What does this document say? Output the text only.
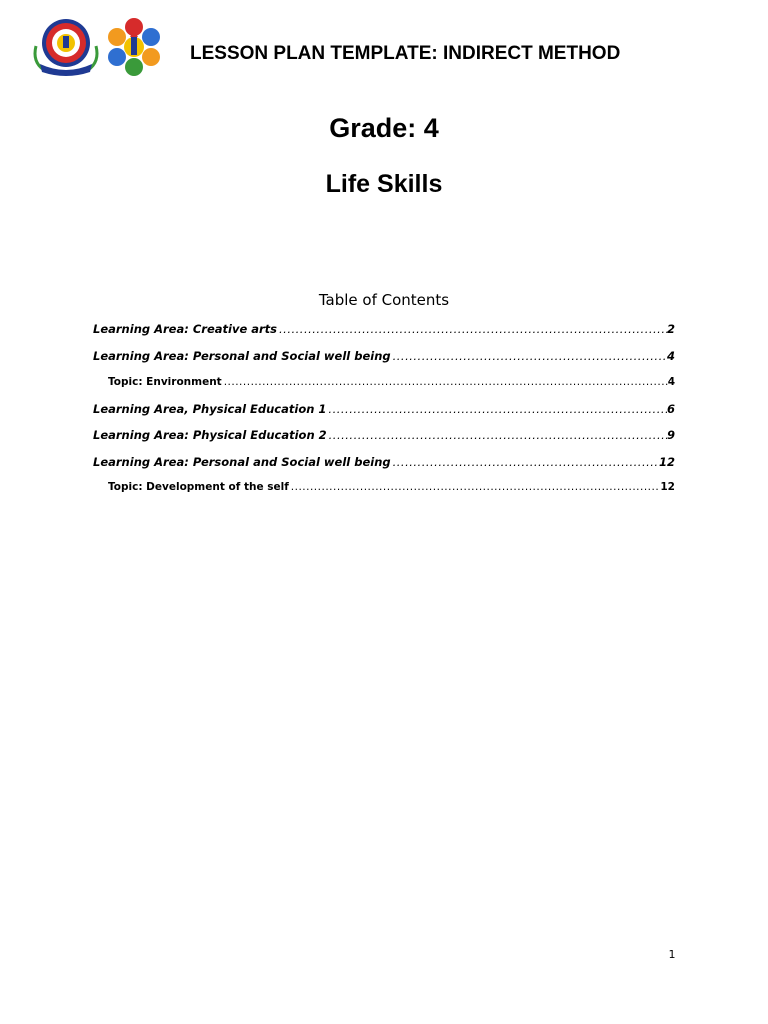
LESSON PLAN TEMPLATE: INDIRECT METHOD
Grade: 4
Life Skills
Table of Contents
Learning Area: Creative arts .....	2
Learning Area: Personal and Social well being .....	4
Topic: Environment .....	4
Learning Area, Physical Education 1 .....	6
Learning Area: Physical Education 2 .....	9
Learning Area: Personal and Social well being .....	12
Topic: Development of the self .....	12
1
